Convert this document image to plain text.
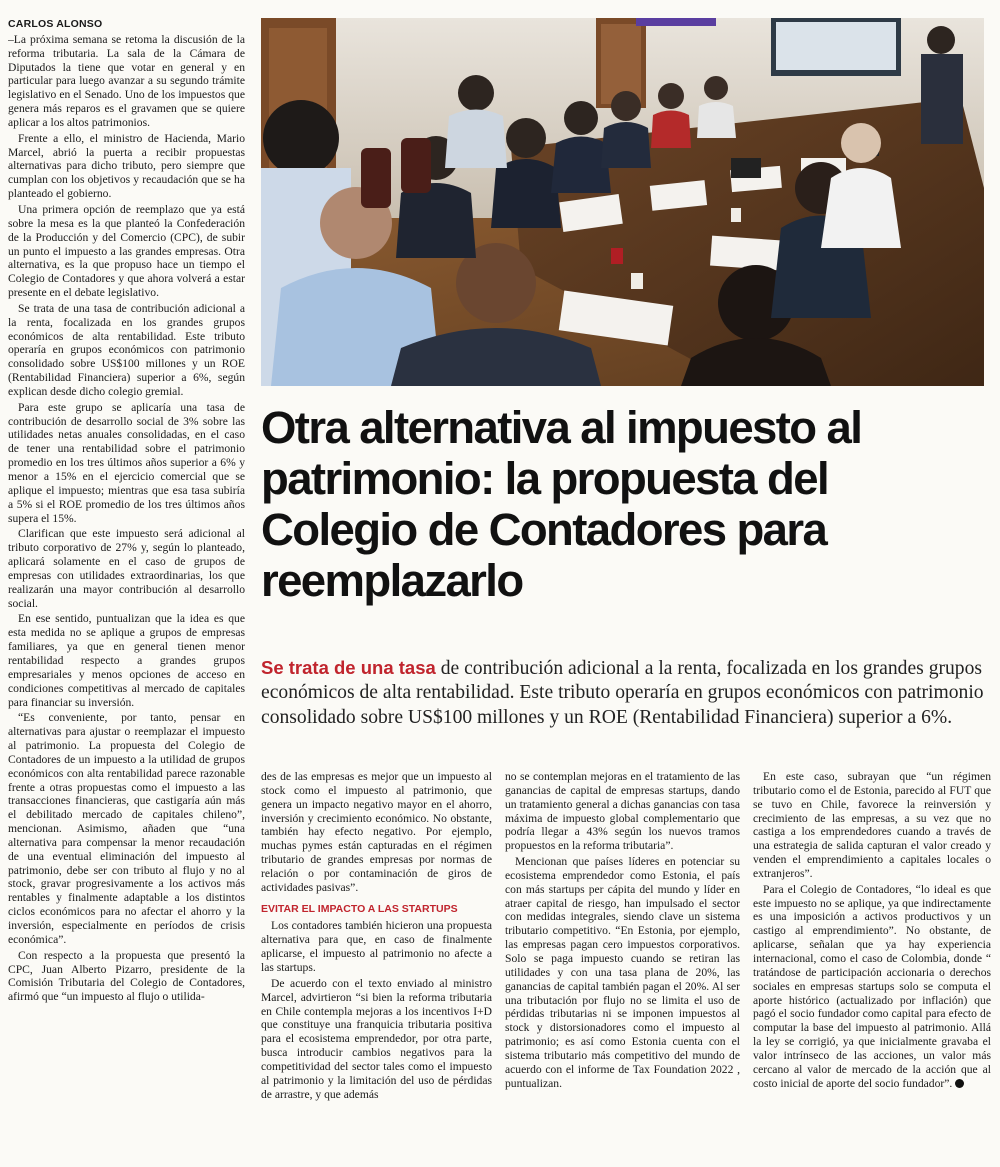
CARLOS ALONSO

–La próxima semana se retoma la discusión de la reforma tributaria. La sala de la Cámara de Diputados la tiene que votar en general y en particular para luego avanzar a su segundo trámite legislativo en el Senado. Uno de los impuestos que genera más reparos es el gravamen que se quiere aplicar a los altos patrimonios.

Frente a ello, el ministro de Hacienda, Mario Marcel, abrió la puerta a recibir propuestas alternativas para dicho tributo, pero siempre que cumplan con los objetivos y recaudación que se ha planteado el gobierno.

Una primera opción de reemplazo que ya está sobre la mesa es la que planteó la Confederación de la Producción y del Comercio (CPC), de subir un punto el impuesto a las grandes empresas. Otra alternativa, es la que propuso hace un tiempo el Colegio de Contadores y que ahora volverá a estar presente en el debate legislativo.

Se trata de una tasa de contribución adicional a la renta, focalizada en los grandes grupos económicos de alta rentabilidad. Este tributo operaría en grupos económicos con patrimonio consolidado sobre US$100 millones y un ROE (Rentabilidad Financiera) superior a 6%, según explican desde dicho colegio gremial.

Para este grupo se aplicaría una tasa de contribución de desarrollo social de 3% sobre las utilidades netas anuales consolidadas, en el caso de tener una rentabilidad sobre el patrimonio promedio en los tres últimos años superior a 6% y menor a 15% en el ejercicio comercial que se aplique el impuesto; mientras que esa tasa subiría a 5% si el ROE promedio de los tres últimos años supera el 15%.

Clarifican que este impuesto será adicional al tributo corporativo de 27% y, según lo planteado, aplicará solamente en el caso de grupos de empresas con utilidades extraordinarias, los que realizarán una mayor contribución al desarrollo social.

En ese sentido, puntualizan que la idea es que esta medida no se aplique a grupos de empresas familiares, ya que en general tienen menor rentabilidad respecto a grandes grupos empresariales y menos opciones de acceso en condiciones competitivas al mercado de capitales para financiar su inversión.

“Es conveniente, por tanto, pensar en alternativas para ajustar o reemplazar el impuesto al patrimonio. La propuesta del Colegio de Contadores de un impuesto a la utilidad de grupos económicos con alta rentabilidad parece razonable frente a otras propuestas como el impuesto a las transacciones financieras, que castigaría aún más el debilitado mercado de capitales chileno”, mencionan. Asimismo, añaden que “una alternativa para compensar la menor recaudación de una eventual eliminación del impuesto al patrimonio, debe ser con tributo al flujo y no al stock, gravar progresivamente a los activos más rentables y finalmente adaptable a los distintos ciclos económicos para no afectar el ahorro y la inversión, especialmente en períodos de crisis económica”.

Con respecto a la propuesta que presentó la CPC, Juan Alberto Pizarro, presidente de la Comisión Tributaria del Colegio de Contadores, afirmó que “un impuesto al flujo o utilida-

Otra alternativa al impuesto al patrimonio: la propuesta del Colegio de Contadores para reemplazarlo

Se trata de una tasa de contribución adicional a la renta, focalizada en los grandes grupos económicos de alta rentabilidad. Este tributo operaría en grupos económicos con patrimonio consolidado sobre US$100 millones y un ROE (Rentabilidad Financiera) superior a 6%.

des de las empresas es mejor que un impuesto al stock como el impuesto al patrimonio, que genera un impacto negativo mayor en el ahorro, inversión y crecimiento económico. No obstante, también hay efecto negativo. Por ejemplo, muchas pymes están capturadas en el régimen tributario de grandes empresas por normas de relación o por contaminación de giros de actividades pasivas”.

EVITAR EL IMPACTO A LAS STARTUPS

Los contadores también hicieron una propuesta alternativa para que, en caso de finalmente aplicarse, el impuesto al patrimonio no afecte a las startups.

De acuerdo con el texto enviado al ministro Marcel, advirtieron “si bien la reforma tributaria en Chile contempla mejoras a los incentivos I+D que constituye una franquicia tributaria positiva para el ecosistema emprendedor, por otra parte, busca introducir cambios negativos para la competitividad del sector tales como el impuesto al patrimonio y la limitación del uso de pérdidas de arrastre, y que además

no se contemplan mejoras en el tratamiento de las ganancias de capital de empresas startups, dando un tratamiento general a dichas ganancias con tasa máxima de impuesto global complementario que podría llegar a 43% según los nuevos tramos propuestos en la reforma tributaria”.

Mencionan que países líderes en potenciar su ecosistema emprendedor como Estonia, el país con más startups per cápita del mundo y líder en atraer capital de riesgo, han impulsado el sector con medidas integrales, siendo clave un sistema tributario competitivo. “En Estonia, por ejemplo, las empresas pagan cero impuestos corporativos. Solo se paga impuesto cuando se retiran las utilidades y con una tasa plana de 20%, las ganancias de capital también pagan el 20%. Al ser una tributación por flujo no se limita el uso de pérdidas tributarias ni se imponen impuestos al stock y distorsionadores como el impuesto al patrimonio; es así como Estonia cuenta con el sistema tributario más competitivo del mundo de acuerdo con el informe de Tax Foundation 2022 , puntualizan.

En este caso, subrayan que “un régimen tributario como el de Estonia, parecido al FUT que se tuvo en Chile, favorece la reinversión y crecimiento de las empresas, a su vez que no castiga a los emprendedores cuando a través de una estrategia de salida capturan el valor creado y venden el emprendimiento a capitales locales o extranjeros”.

Para el Colegio de Contadores, “lo ideal es que este impuesto no se aplique, ya que indirectamente es una imposición a activos productivos y un castigo al emprendimiento”. No obstante, de aplicarse, señalan que ya hay experiencia internacional, como el caso de Colombia, donde “ tratándose de participación accionaria o derechos sociales en empresas startups solo se computa el aporte histórico (actualizado por inflación) que pagó el socio fundador como capital para efecto de computar la base del impuesto al patrimonio. Allá la ley se corrigió, ya que inicialmente gravaba el valor intrínseco de las acciones, un valor más cercano al valor de mercado de la acción que al costo inicial de aporte del socio fundador”. P
